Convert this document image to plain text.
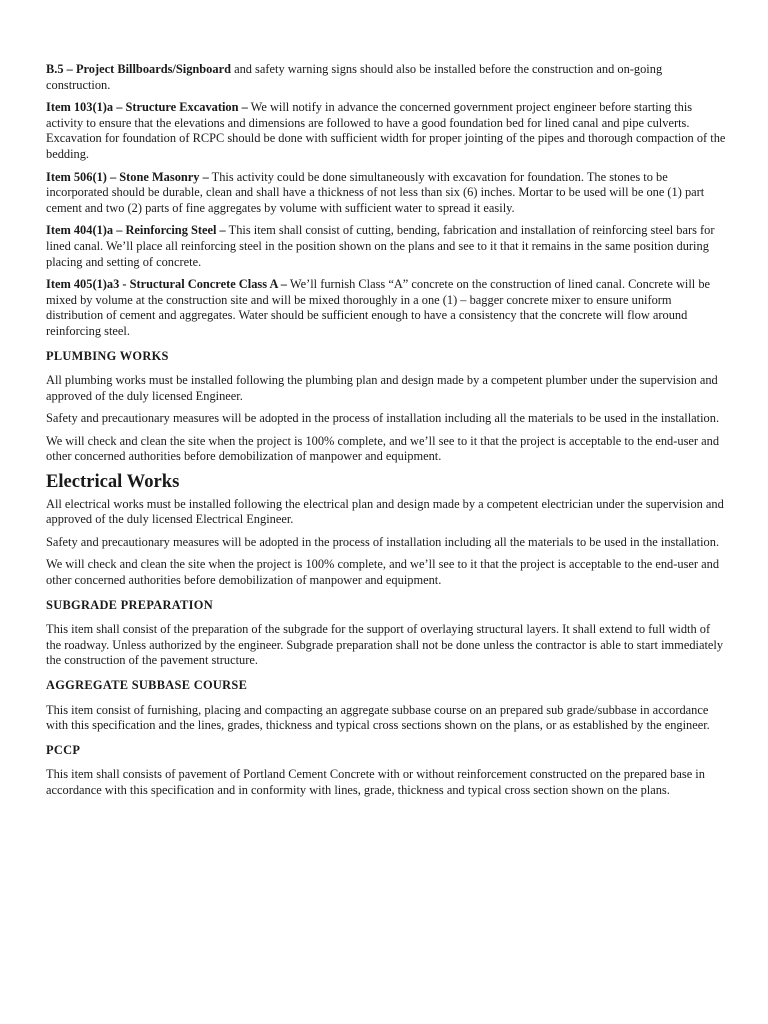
B.5 – Project Billboards/Signboard and safety warning signs should also be installed before the construction and on-going construction.

Item 103(1)a – Structure Excavation – We will notify in advance the concerned government project engineer before starting this activity to ensure that the elevations and dimensions are followed to have a good foundation bed for lined canal and pipe culverts. Excavation for foundation of RCPC should be done with sufficient width for proper jointing of the pipes and thorough compaction of the bedding.

Item 506(1) – Stone Masonry – This activity could be done simultaneously with excavation for foundation. The stones to be incorporated should be durable, clean and shall have a thickness of not less than six (6) inches. Mortar to be used will be one (1) part cement and two (2) parts of fine aggregates by volume with sufficient water to spread it easily.

Item 404(1)a – Reinforcing Steel – This item shall consist of cutting, bending, fabrication and installation of reinforcing steel bars for lined canal. We’ll place all reinforcing steel in the position shown on the plans and see to it that it remains in the same position during placing and setting of concrete.

Item 405(1)a3 - Structural Concrete Class A – We’ll furnish Class “A” concrete on the construction of lined canal. Concrete will be mixed by volume at the construction site and will be mixed thoroughly in a one (1) – bagger concrete mixer to ensure uniform distribution of cement and aggregates. Water should be sufficient enough to have a consistency that the concrete will flow around reinforcing steel.

PLUMBING WORKS

All plumbing works must be installed following the plumbing plan and design made by a competent plumber under the supervision and approved of the duly licensed Engineer.

Safety and precautionary measures will be adopted in the process of installation including all the materials to be used in the installation.

We will check and clean the site when the project is 100% complete, and we’ll see to it that the project is acceptable to the end-user and other concerned authorities before demobilization of manpower and equipment.

Electrical Works

All electrical works must be installed following the electrical plan and design made by a competent electrician under the supervision and approved of the duly licensed Electrical Engineer.

Safety and precautionary measures will be adopted in the process of installation including all the materials to be used in the installation.

We will check and clean the site when the project is 100% complete, and we’ll see to it that the project is acceptable to the end-user and other concerned authorities before demobilization of manpower and equipment.

SUBGRADE PREPARATION

This item shall consist of the preparation of the subgrade for the support of overlaying structural layers. It shall extend to full width of the roadway. Unless authorized by the engineer. Subgrade preparation shall not be done unless the contractor is able to start immediately the construction of the pavement structure.

AGGREGATE SUBBASE COURSE

This item consist of furnishing, placing and compacting an aggregate subbase course on an prepared sub grade/subbase in accordance with this specification and the lines, grades, thickness and typical cross sections shown on the plans, or as established by the engineer.

PCCP

This item shall consists of pavement of Portland Cement Concrete with or without reinforcement constructed on the prepared base in accordance with this specification and in conformity with lines, grade, thickness and typical cross section shown on the plans.
